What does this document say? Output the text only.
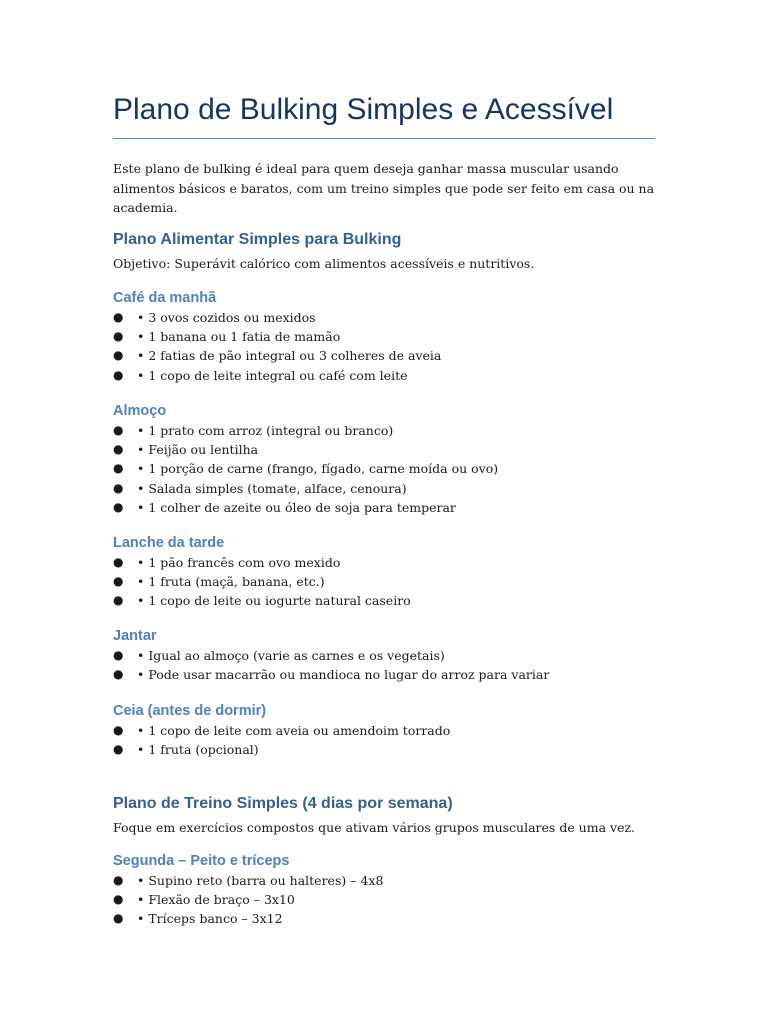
Plano de Bulking Simples e Acessível

Este plano de bulking é ideal para quem deseja ganhar massa muscular usando alimentos básicos e baratos, com um treino simples que pode ser feito em casa ou na academia.

Plano Alimentar Simples para Bulking

Objetivo: Superávit calórico com alimentos acessíveis e nutritivos.

Café da manhã
● • 3 ovos cozidos ou mexidos
● • 1 banana ou 1 fatia de mamão
● • 2 fatias de pão integral ou 3 colheres de aveia
● • 1 copo de leite integral ou café com leite
Almoço
● • 1 prato com arroz (integral ou branco)
● • Feijão ou lentilha
● • 1 porção de carne (frango, fígado, carne moída ou ovo)
● • Salada simples (tomate, alface, cenoura)
● • 1 colher de azeite ou óleo de soja para temperar
Lanche da tarde
● • 1 pão francês com ovo mexido
● • 1 fruta (maçã, banana, etc.)
● • 1 copo de leite ou iogurte natural caseiro
Jantar
● • Igual ao almoço (varie as carnes e os vegetais)
● • Pode usar macarrão ou mandioca no lugar do arroz para variar
Ceia (antes de dormir)
● • 1 copo de leite com aveia ou amendoim torrado
● • 1 fruta (opcional)
Plano de Treino Simples (4 dias por semana)

Foque em exercícios compostos que ativam vários grupos musculares de uma vez.

Segunda – Peito e tríceps
● • Supino reto (barra ou halteres) – 4x8
● • Flexão de braço – 3x10
● • Tríceps banco – 3x12
